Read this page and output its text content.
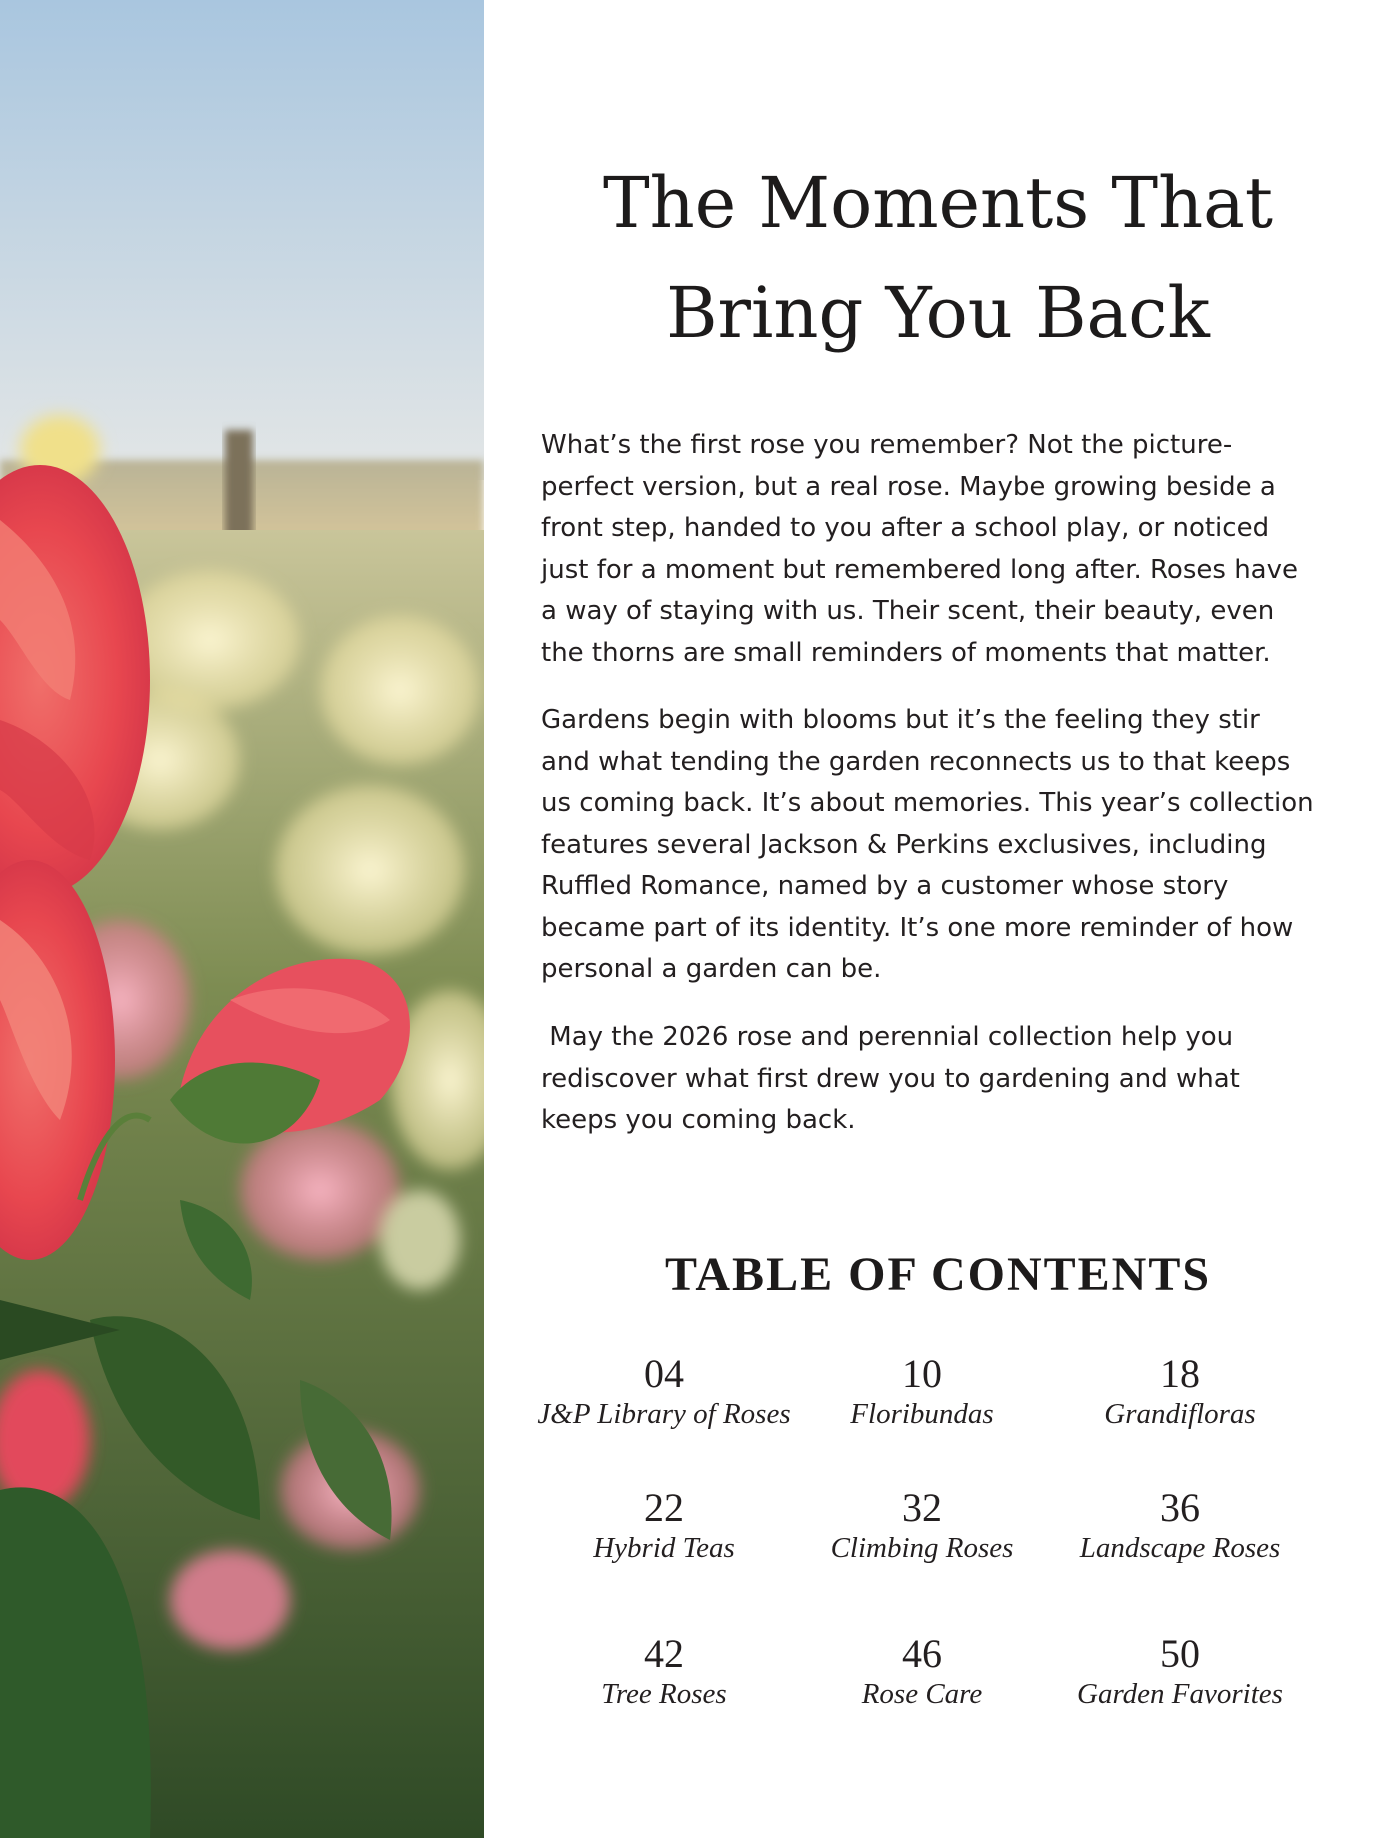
The Moments That
Bring You Back
What’s the first rose you remember? Not the picture-
perfect version, but a real rose. Maybe growing beside a
front step, handed to you after a school play, or noticed
just for a moment but remembered long after. Roses have
a way of staying with us. Their scent, their beauty, even
the thorns are small reminders of moments that matter.
Gardens begin with blooms but it’s the feeling they stir
and what tending the garden reconnects us to that keeps
us coming back. It’s about memories. This year’s collection
features several Jackson & Perkins exclusives, including
Ruffled Romance, named by a customer whose story
became part of its identity. It’s one more reminder of how
personal a garden can be.
May the 2026 rose and perennial collection help you
rediscover what first drew you to gardening and what
keeps you coming back.
TABLE OF CONTENTS
04
J&P Library of Roses
10
Floribundas
18
Grandifloras
22
Hybrid Teas
32
Climbing Roses
36
Landscape Roses
42
Tree Roses
46
Rose Care
50
Garden Favorites
